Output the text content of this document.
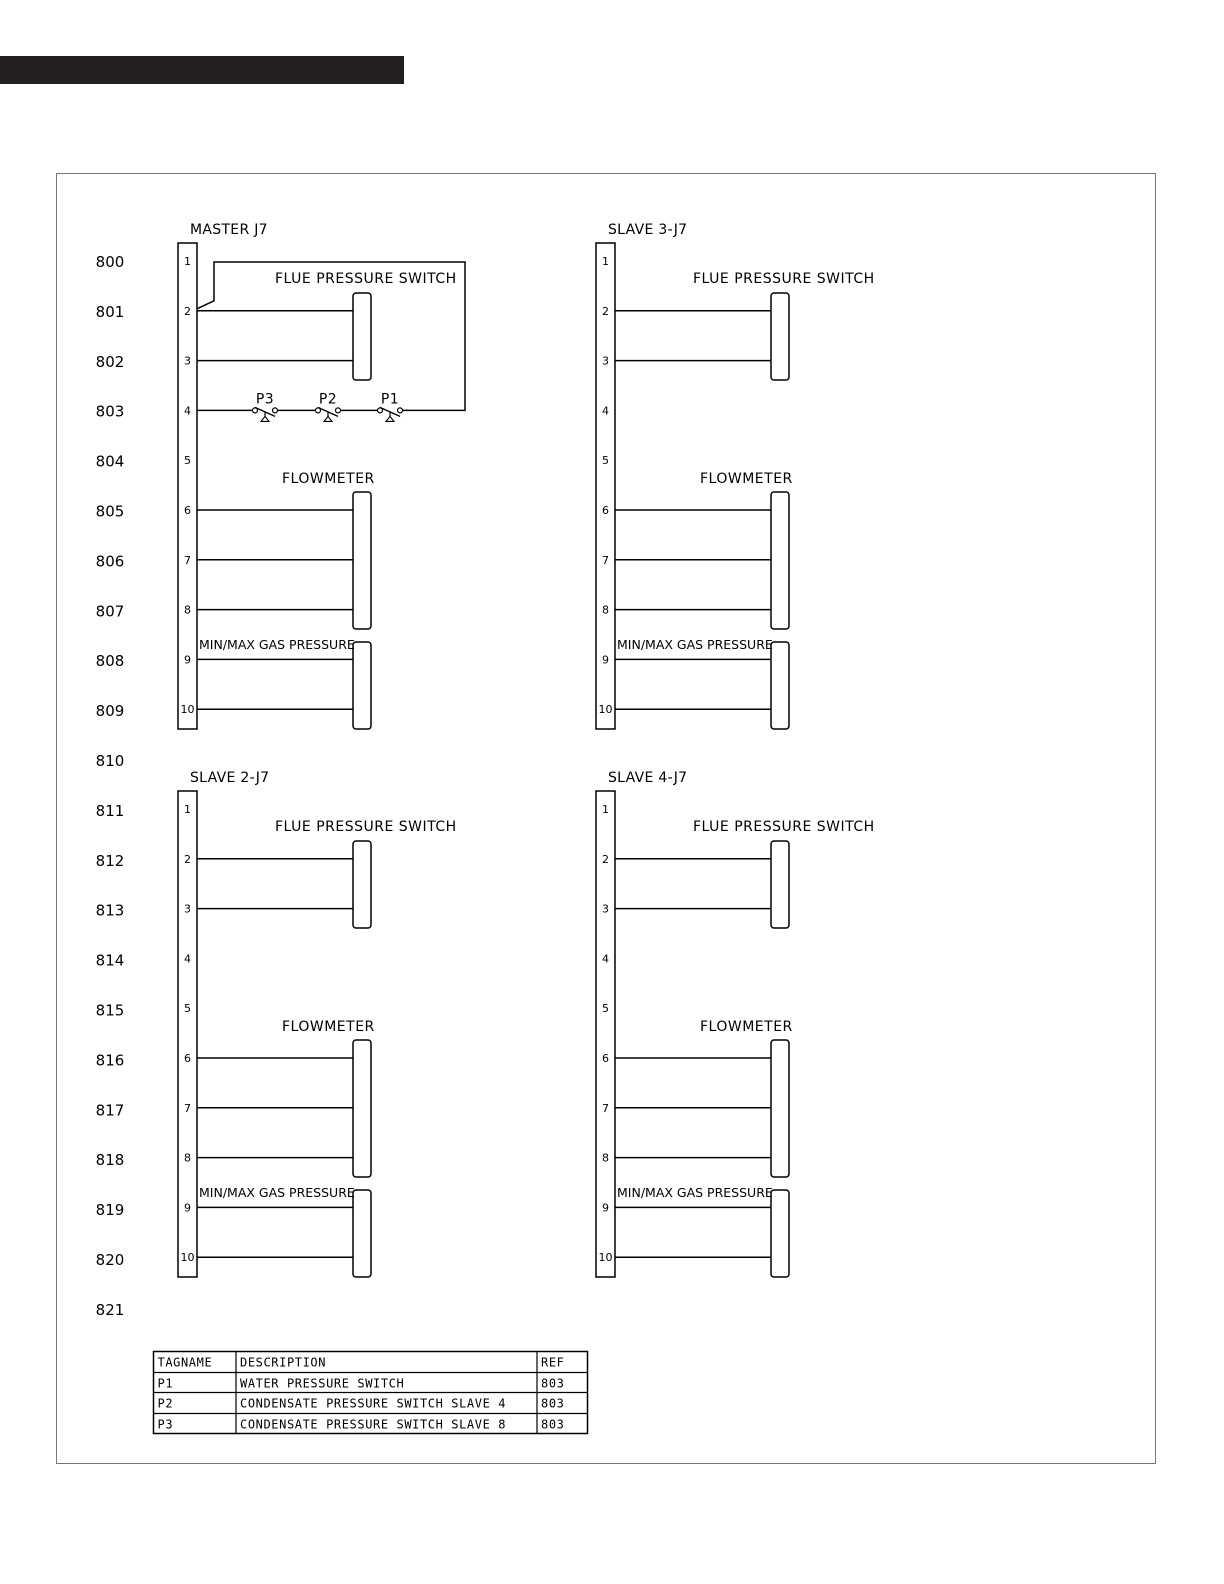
800
801
802
803
804
805
806
807
808
809
810
811
812
813
814
815
816
817
818
819
820
821
MASTER J7
1
2
3
4
5
6
7
8
9
10
FLUE PRESSURE SWITCH
FLOWMETER
MIN/MAX GAS PRESSURE
P3	P2	P1
SLAVE 3-J7
1
2
3
4
5
6
7
8
9
10
FLUE PRESSURE SWITCH
FLOWMETER
MIN/MAX GAS PRESSURE
SLAVE 2-J7
1
2
3
4
5
6
7
8
9
10
FLUE PRESSURE SWITCH
FLOWMETER
MIN/MAX GAS PRESSURE
SLAVE 4-J7
1
2
3
4
5
6
7
8
9
10
FLUE PRESSURE SWITCH
FLOWMETER
MIN/MAX GAS PRESSURE
TAGNAME DESCRIPTION	REF
P1	WATER PRESSURE SWITCH	803
P2	CONDENSATE PRESSURE SWITCH SLAVE 4	803
P3	CONDENSATE PRESSURE SWITCH SLAVE 8	803
